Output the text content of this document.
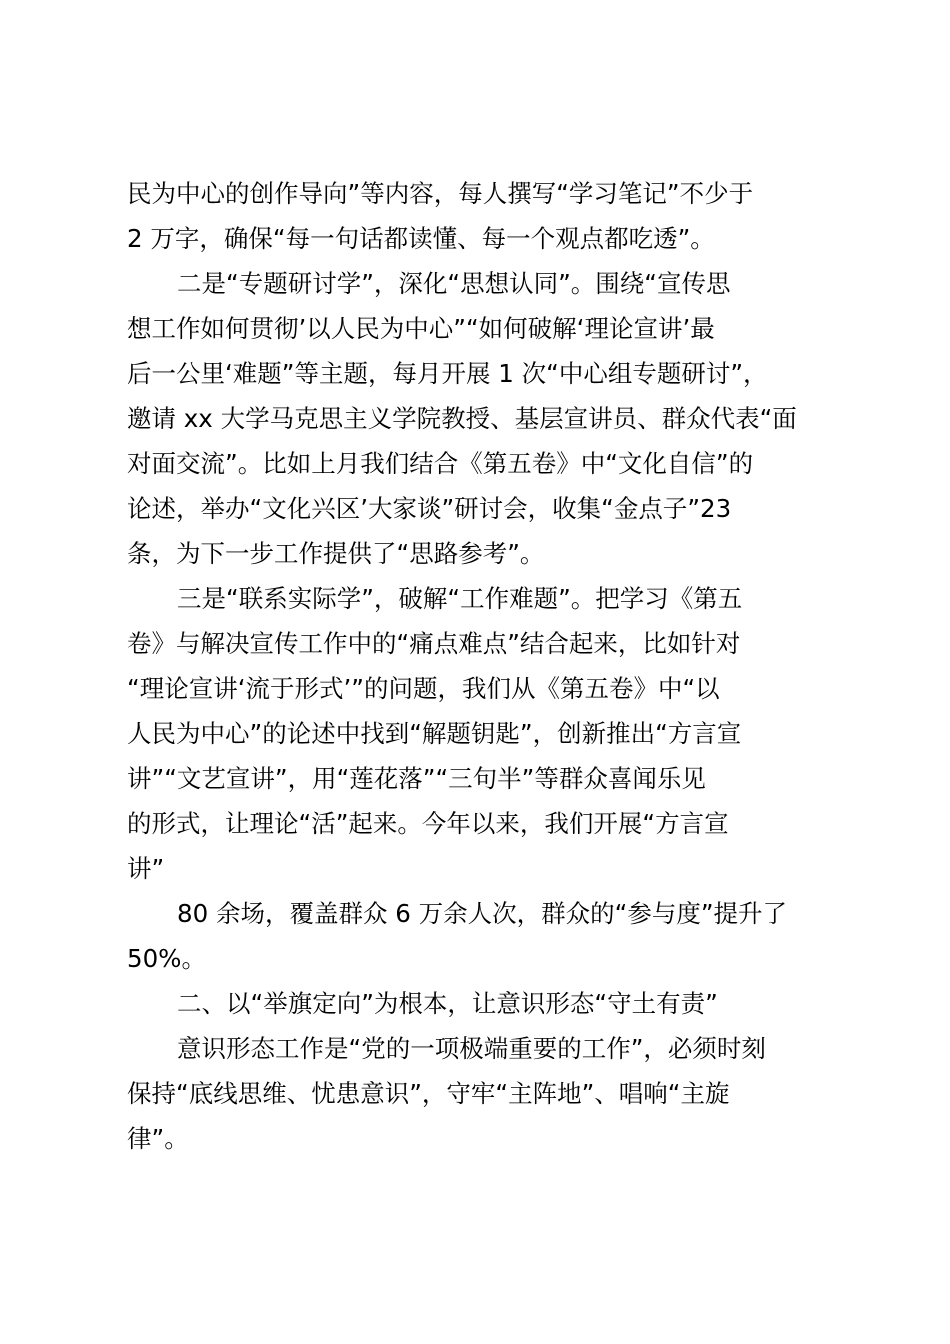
民为中心的创作导向”等内容，每人撰写“学习笔记”不少于
2 万字，确保“每一句话都读懂、每一个观点都吃透”。
二是“专题研讨学”，深化“思想认同”。围绕“宣传思
想工作如何贯彻’以人民为中心”“如何破解‘理论宣讲’最
后一公里‘难题”等主题，每月开展 1 次“中心组专题研讨”，
邀请 xx 大学马克思主义学院教授、基层宣讲员、群众代表“面
对面交流”。比如上月我们结合《第五卷》中“文化自信”的
论述，举办“文化兴区’大家谈”研讨会，收集“金点子”23
条，为下一步工作提供了“思路参考”。
三是“联系实际学”，破解“工作难题”。把学习《第五
卷》与解决宣传工作中的“痛点难点”结合起来，比如针对
“理论宣讲‘流于形式’”的问题，我们从《第五卷》中“以
人民为中心”的论述中找到“解题钥匙”，创新推出“方言宣
讲”“文艺宣讲”，用“莲花落”“三句半”等群众喜闻乐见
的形式，让理论“活”起来。今年以来，我们开展“方言宣
讲”
80 余场，覆盖群众 6 万余人次，群众的“参与度”提升了
50%。
二、以“举旗定向”为根本，让意识形态“守土有责”
意识形态工作是“党的一项极端重要的工作”，必须时刻
保持“底线思维、忧患意识”，守牢“主阵地”、唱响“主旋
律”。
